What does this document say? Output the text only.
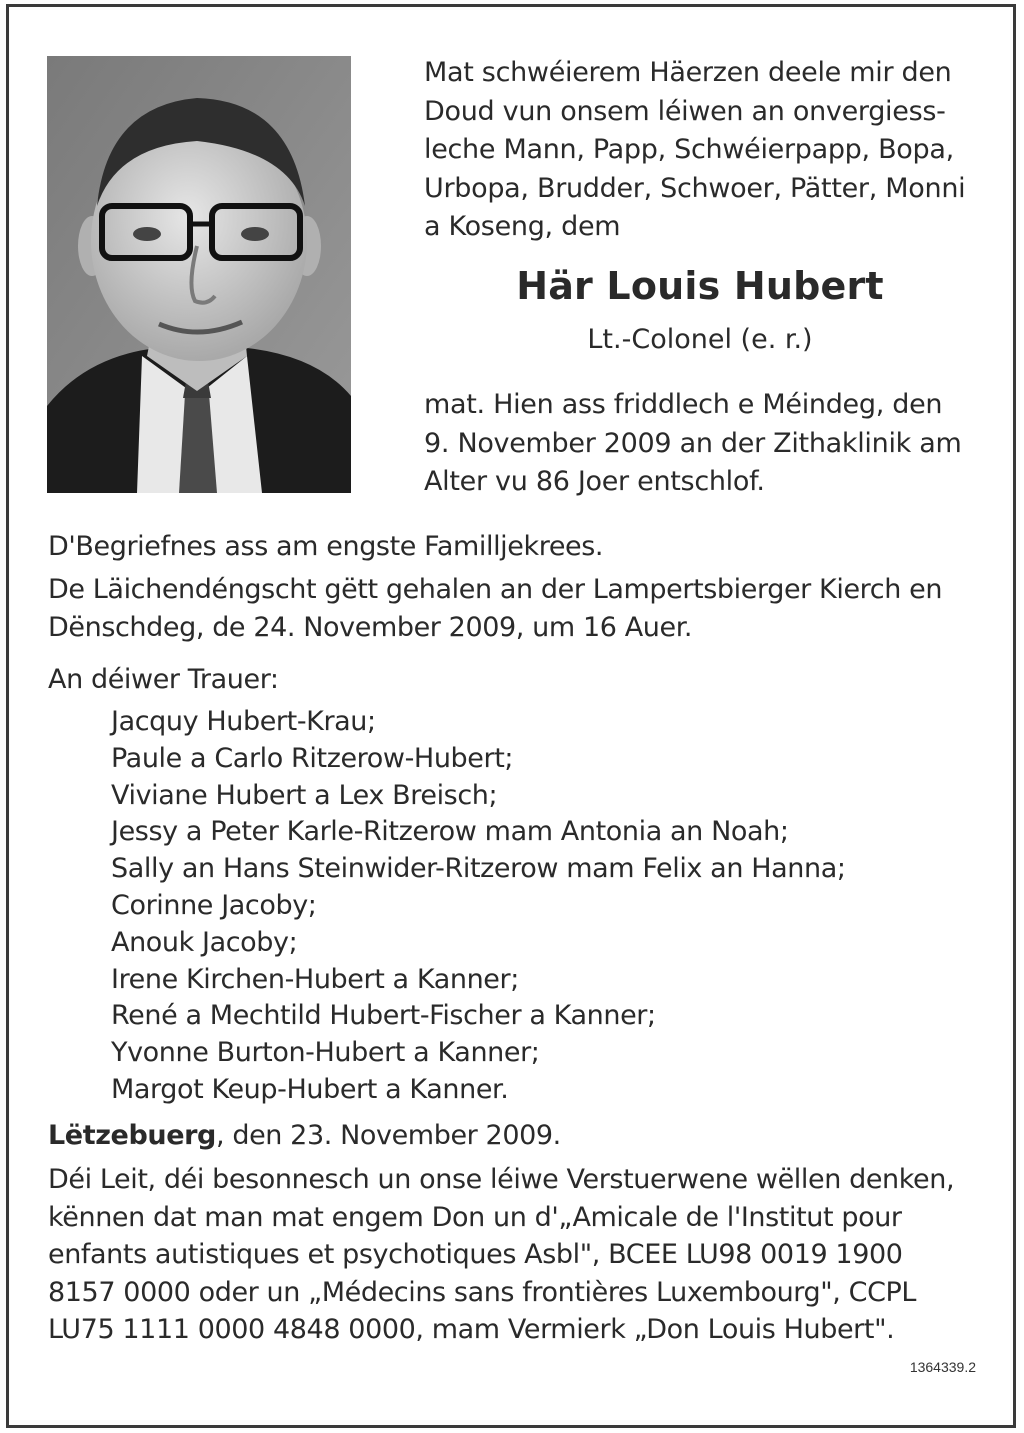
Mat schwéierem Häerzen deele mir den
Doud vun onsem léiwen an onvergiess-
leche Mann, Papp, Schwéierpapp, Bopa,
Urbopa, Brudder, Schwoer, Pätter, Monni
a Koseng, dem
Här Louis Hubert
Lt.-Colonel (e. r.)
mat. Hien ass friddlech e Méindeg, den
9. November 2009 an der Zithaklinik am
Alter vu 86 Joer entschlof.
D'Begriefnes ass am engste Familljekrees.
De Läichendéngscht gëtt gehalen an der Lampertsbierger Kierch en
Dënschdeg, de 24. November 2009, um 16 Auer.
An déiwer Trauer:
Jacquy Hubert-Krau;
Paule a Carlo Ritzerow-Hubert;
Viviane Hubert a Lex Breisch;
Jessy a Peter Karle-Ritzerow mam Antonia an Noah;
Sally an Hans Steinwider-Ritzerow mam Felix an Hanna;
Corinne Jacoby;
Anouk Jacoby;
Irene Kirchen-Hubert a Kanner;
René a Mechtild Hubert-Fischer a Kanner;
Yvonne Burton-Hubert a Kanner;
Margot Keup-Hubert a Kanner.
Lëtzebuerg, den 23. November 2009.
Déi Leit, déi besonnesch un onse léiwe Verstuerwene wëllen denken,
kënnen dat man mat engem Don un d'„Amicale de l'Institut pour
enfants autistiques et psychotiques Asbl", BCEE LU98 0019 1900
8157 0000 oder un „Médecins sans frontières Luxembourg", CCPL
LU75 1111 0000 4848 0000, mam Vermierk „Don Louis Hubert".
1364339.2
